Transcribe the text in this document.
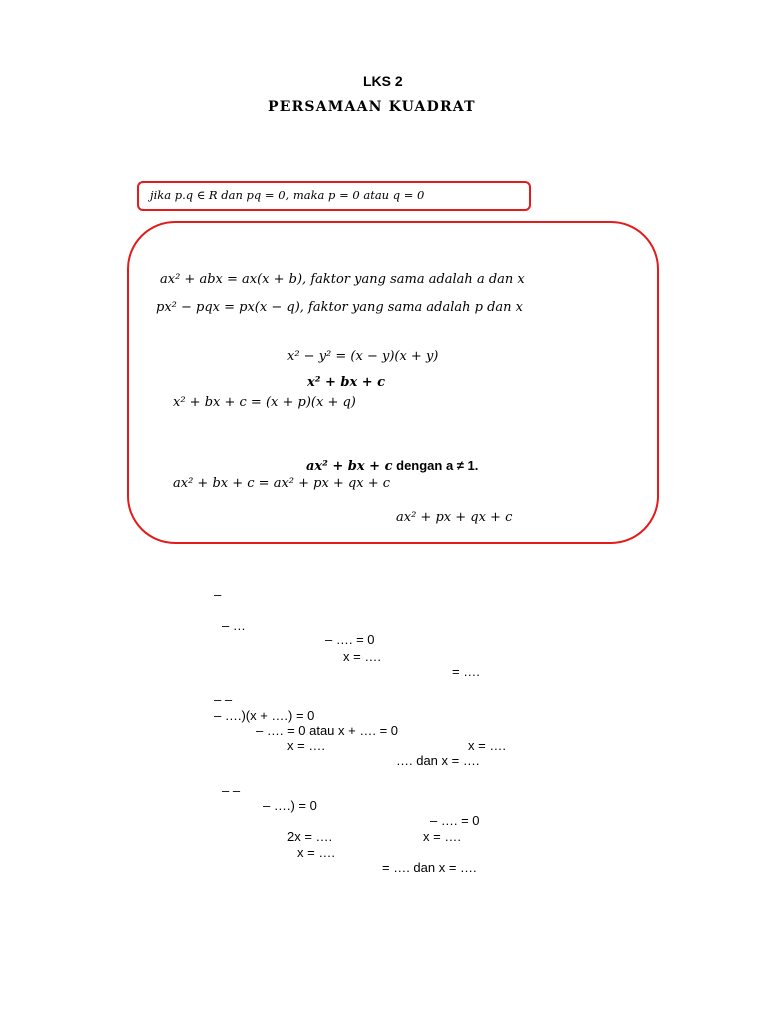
LKS 2
PERSAMAAN KUADRAT
jika p.q ∈ R dan pq = 0, maka p = 0 atau q = 0
ax² + abx = ax(x + b), faktor yang sama adalah a dan x
px² − pqx = px(x − q), faktor yang sama adalah p dan x
x² − y² = (x − y)(x + y)
x² + bx + c
x² + bx + c = (x + p)(x + q)
ax² + bx + c dengan a ≠ 1.
ax² + bx + c = ax² + px + qx + c
ax² + px + qx + c
–
– …
– …. = 0
x = ….
= ….
– –
– ….)(x + ….) = 0
– …. = 0 atau x + …. = 0
x = ….	x = ….
…. dan x = ….
– –
– ….) = 0
– …. = 0
2x = ….	x = ….
x = ….
= …. dan x = ….
